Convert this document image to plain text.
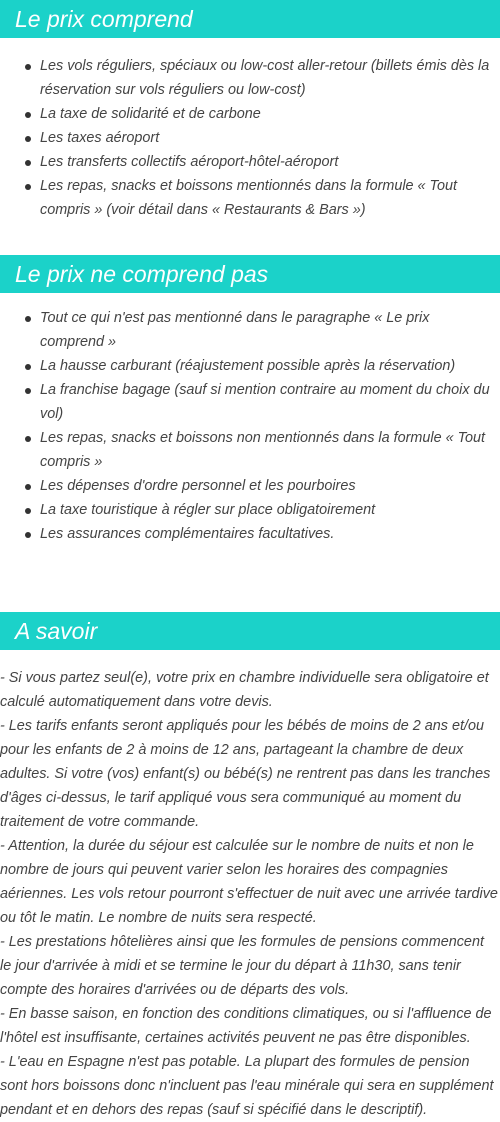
Le prix comprend
Les vols réguliers, spéciaux ou low-cost aller-retour (billets émis dès la réservation sur vols réguliers ou low-cost)
La taxe de solidarité et de carbone
Les taxes aéroport
Les transferts collectifs aéroport-hôtel-aéroport
Les repas, snacks et boissons mentionnés dans la formule « Tout compris » (voir détail dans « Restaurants & Bars »)
Le prix ne comprend pas
Tout ce qui n'est pas mentionné dans le paragraphe « Le prix comprend »
La hausse carburant (réajustement possible après la réservation)
La franchise bagage (sauf si mention contraire au moment du choix du vol)
Les repas, snacks et boissons non mentionnés dans la formule « Tout compris »
Les dépenses d'ordre personnel et les pourboires
La taxe touristique à régler sur place obligatoirement
Les assurances complémentaires facultatives.
A savoir

- Si vous partez seul(e), votre prix en chambre individuelle sera obligatoire et calculé automatiquement dans votre devis.

- Les tarifs enfants seront appliqués pour les bébés de moins de 2 ans et/ou pour les enfants de 2 à moins de 12 ans, partageant la chambre de deux adultes. Si votre (vos) enfant(s) ou bébé(s) ne rentrent pas dans les tranches d'âges ci-dessus, le tarif appliqué vous sera communiqué au moment du traitement de votre commande.

- Attention, la durée du séjour est calculée sur le nombre de nuits et non le nombre de jours qui peuvent varier selon les horaires des compagnies aériennes. Les vols retour pourront s'effectuer de nuit avec une arrivée tardive ou tôt le matin. Le nombre de nuits sera respecté.

- Les prestations hôtelières ainsi que les formules de pensions commencent le jour d'arrivée à midi et se termine le jour du départ à 11h30, sans tenir compte des horaires d'arrivées ou de départs des vols.

- En basse saison, en fonction des conditions climatiques, ou si l'affluence de l'hôtel est insuffisante, certaines activités peuvent ne pas être disponibles.

- L'eau en Espagne n'est pas potable. La plupart des formules de pension sont hors boissons donc n'incluent pas l'eau minérale qui sera en supplément pendant et en dehors des repas (sauf si spécifié dans le descriptif).
